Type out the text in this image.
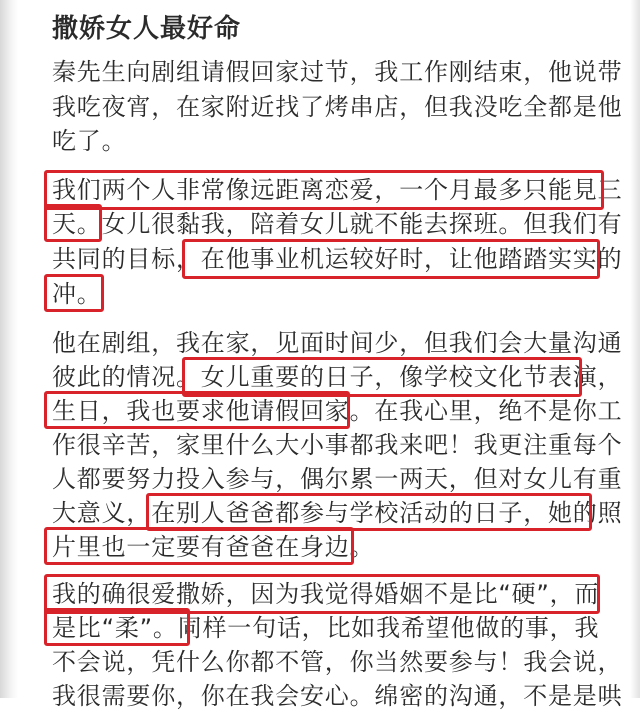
撒娇女人最好命
秦先生向剧组请假回家过节，我工作刚结束，他说带
我吃夜宵，在家附近找了烤串店，但我没吃全都是他
吃了。
我们两个人非常像远距离恋爱，一个月最多只能見三
天。女儿很黏我，陪着女儿就不能去探班。但我们有
共同的目标，在他事业机运较好时，让他踏踏实实的
冲。
他在剧组，我在家，见面时间少，但我们会大量沟通
彼此的情况。女儿重要的日子，像学校文化节表演，
生日，我也要求他请假回家。在我心里，绝不是你工
作很辛苦，家里什么大小事都我来吧！我更注重每个
人都要努力投入参与，偶尔累一两天，但对女儿有重
大意义，在别人爸爸都参与学校活动的日子，她的照
片里也一定要有爸爸在身边。
我的确很爱撒娇，因为我觉得婚姻不是比“硬”，而
是比“柔”。同样一句话，比如我希望他做的事，我
不会说，凭什么你都不管，你当然要参与！我会说，
我很需要你，你在我会安心。绵密的沟通，不是是哄
